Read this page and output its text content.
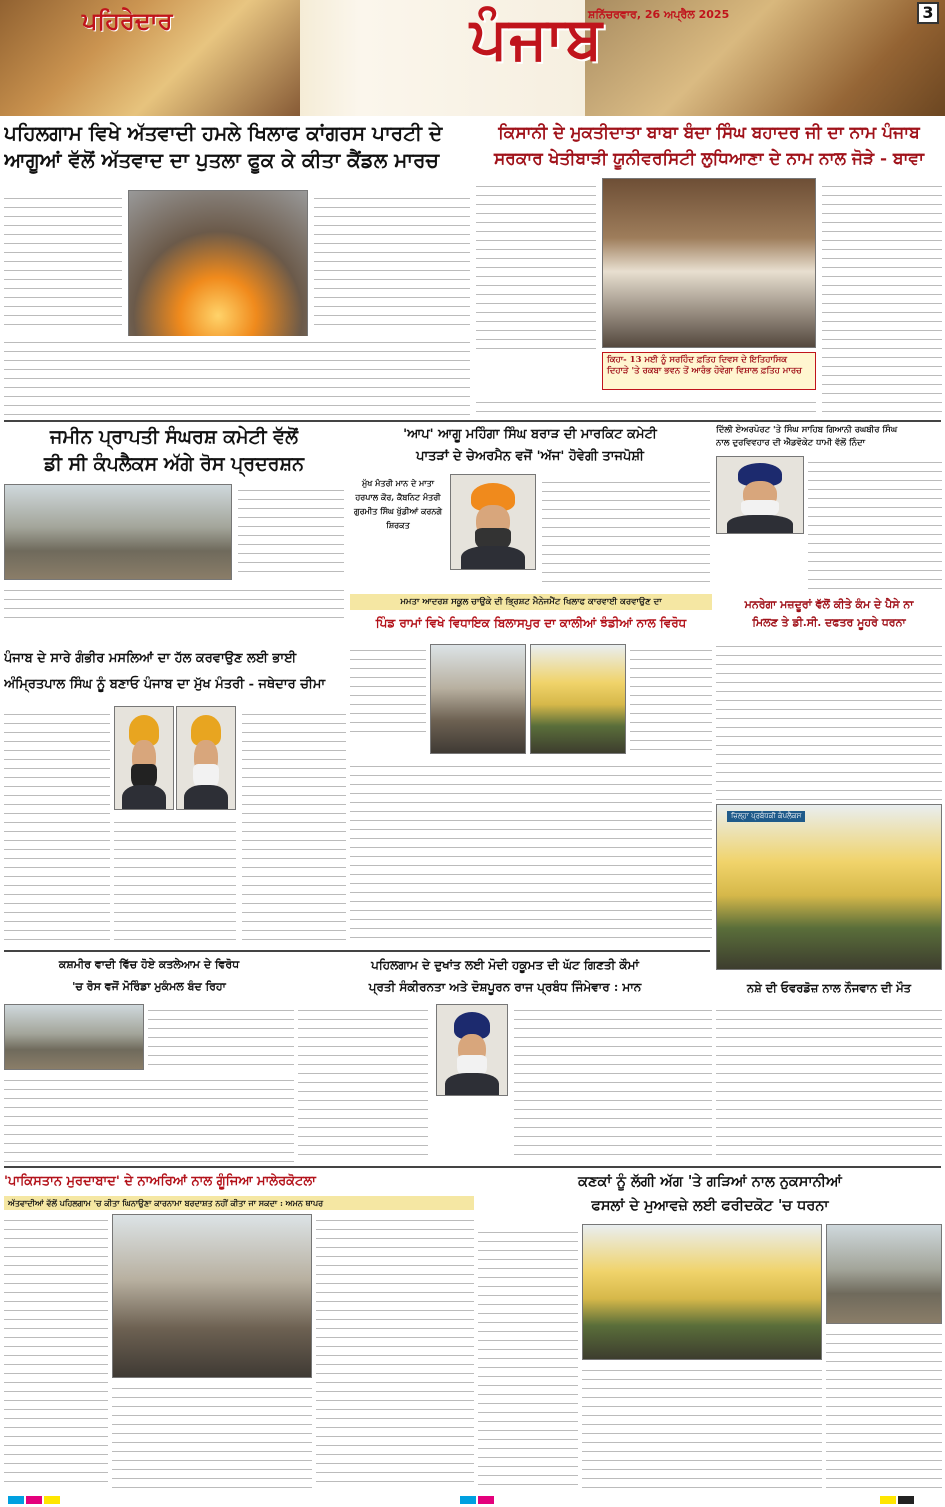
ਪਹਿਰੇਦਾਰ	ਪੰਜਾਬ
ਸ਼ਨਿੱਚਰਵਾਰ, 26 ਅਪ੍ਰੈਲ 2025	3
ਪਹਿਲਗਾਮ ਵਿਖੇ ਅੱਤਵਾਦੀ ਹਮਲੇ ਖਿਲਾਫ ਕਾਂਗਰਸ ਪਾਰਟੀ ਦੇ
ਆਗੂਆਂ ਵੱਲੋਂ ਅੱਤਵਾਦ ਦਾ ਪੁਤਲਾ ਫੂਕ ਕੇ ਕੀਤਾ ਕੈਂਡਲ ਮਾਰਚ
ਕਿਸਾਨੀ ਦੇ ਮੁਕਤੀਦਾਤਾ ਬਾਬਾ ਬੰਦਾ ਸਿੰਘ ਬਹਾਦਰ ਜੀ ਦਾ ਨਾਮ ਪੰਜਾਬ
ਸਰਕਾਰ ਖੇਤੀਬਾੜੀ ਯੂਨੀਵਰਸਿਟੀ ਲੁਧਿਆਣਾ ਦੇ ਨਾਮ ਨਾਲ ਜੋੜੇ - ਬਾਵਾ
ਕਿਹਾ- 13 ਮਈ ਨੂੰ ਸਰਹਿੰਦ ਫ਼ਤਿਹ ਦਿਵਸ ਦੇ ਇਤਿਹਾਸਿਕ ਦਿਹਾੜੇ 'ਤੇ ਰਕਬਾ ਭਵਨ ਤੋਂ ਆਰੰਭ ਹੋਵੇਗਾ ਵਿਸ਼ਾਲ ਫ਼ਤਿਹ ਮਾਰਚ
ਜਮੀਨ ਪ੍ਰਾਪਤੀ ਸੰਘਰਸ਼ ਕਮੇਟੀ ਵੱਲੋਂ
ਡੀ ਸੀ ਕੰਪਲੈਕਸ ਅੱਗੇ ਰੋਸ ਪ੍ਰਦਰਸ਼ਨ
'ਆਪ' ਆਗੂ ਮਹਿੰਗਾ ਸਿੰਘ ਬਰਾੜ ਦੀ ਮਾਰਕਿਟ ਕਮੇਟੀ
ਪਾਤੜਾਂ ਦੇ ਚੇਅਰਮੈਨ ਵਜੋਂ 'ਅੱਜ' ਹੋਵੇਗੀ ਤਾਜਪੋਸ਼ੀ
ਮੁੱਖ ਮੰਤਰੀ ਮਾਨ ਦੇ ਮਾਤਾ ਹਰਪਾਲ ਕੌਰ, ਕੈਬਨਿਟ ਮੰਤਰੀ ਗੁਰਮੀਤ ਸਿੰਘ ਖੁੱਡੀਆਂ ਕਰਨਗੇ ਸ਼ਿਰਕਤ
ਦਿੱਲੀ ਏਅਰਪੋਰਟ 'ਤੇ ਸਿੰਘ ਸਾਹਿਬ ਗਿਆਨੀ ਰਘਬੀਰ ਸਿੰਘ
ਨਾਲ ਦੁਰਵਿਵਹਾਰ ਦੀ ਐਡਵੋਕੇਟ ਧਾਮੀ ਵੱਲੋਂ ਨਿੰਦਾ
ਮਮਤਾ ਆਦਰਸ਼ ਸਕੂਲ ਚਾਉਕੇ ਦੀ ਭ੍ਰਿਸ਼ਟ ਮੈਨੇਜਮੈਂਟ ਖਿਲਾਫ ਕਾਰਵਾਈ ਕਰਵਾਉਣ ਦਾ
ਪਿੰਡ ਰਾਮਾਂ ਵਿਖੇ ਵਿਧਾਇਕ ਬਿਲਾਸਪੁਰ ਦਾ ਕਾਲੀਆਂ ਝੰਡੀਆਂ ਨਾਲ ਵਿਰੋਧ
ਮਨਰੇਗਾ ਮਜ਼ਦੂਰਾਂ ਵੱਲੋਂ ਕੀਤੇ ਕੰਮ ਦੇ ਪੈਸੇ ਨਾ
ਮਿਲਣ ਤੇ ਡੀ.ਸੀ. ਦਫਤਰ ਮੂਹਰੇ ਧਰਨਾ
ਜ਼ਿਲ੍ਹਾ ਪ੍ਰਬੰਧਕੀ ਕੰਪਲੈਕਸ
ਪੰਜਾਬ ਦੇ ਸਾਰੇ ਗੰਭੀਰ ਮਸਲਿਆਂ ਦਾ ਹੱਲ ਕਰਵਾਉਣ ਲਈ ਭਾਈ
ਅੰਮ੍ਰਿਤਪਾਲ ਸਿੰਘ ਨੂੰ ਬਣਾਓ ਪੰਜਾਬ ਦਾ ਮੁੱਖ ਮੰਤਰੀ - ਜਥੇਦਾਰ ਚੀਮਾ
ਕਸ਼ਮੀਰ ਵਾਦੀ ਵਿੱਚ ਹੋਏ ਕਤਲੇਆਮ ਦੇ ਵਿਰੋਧ
'ਚ ਰੋਸ ਵਜੋਂ ਮੋਰਿੰਡਾ ਮੁਕੰਮਲ ਬੰਦ ਰਿਹਾ
ਪਹਿਲਗਾਮ ਦੇ ਦੁਖਾਂਤ ਲਈ ਮੋਦੀ ਹਕੂਮਤ ਦੀ ਘੱਟ ਗਿਣਤੀ ਕੌਮਾਂ
ਪ੍ਰਤੀ ਸੰਕੀਰਨਤਾ ਅਤੇ ਦੋਸ਼ਪੂਰਨ ਰਾਜ ਪ੍ਰਬੰਧ ਜਿੰਮੇਵਾਰ : ਮਾਨ	ਨਸ਼ੇ ਦੀ ਓਵਰਡੋਜ਼ ਨਾਲ ਨੌਜਵਾਨ ਦੀ ਮੌਤ
'ਪਾਕਿਸਤਾਨ ਮੁਰਦਾਬਾਦ' ਦੇ ਨਾਅਰਿਆਂ ਨਾਲ ਗੂੰਜਿਆ ਮਾਲੇਰਕੋਟਲਾ
ਅੱਤਵਾਦੀਆਂ ਵੱਲੋਂ ਪਹਿਲਗਾਮ 'ਚ ਕੀਤਾ ਘਿਨਾਉਣਾ ਕਾਰਨਾਮਾ ਬਰਦਾਸ਼ਤ ਨਹੀਂ ਕੀਤਾ ਜਾ ਸਕਦਾ : ਅਮਨ ਥਾਪਰ
ਕਣਕਾਂ ਨੂੰ ਲੱਗੀ ਅੱਗ 'ਤੇ ਗੜਿਆਂ ਨਾਲ ਨੁਕਸਾਨੀਆਂ
ਫਸਲਾਂ ਦੇ ਮੁਆਵਜ਼ੇ ਲਈ ਫਰੀਦਕੋਟ 'ਚ ਧਰਨਾ
